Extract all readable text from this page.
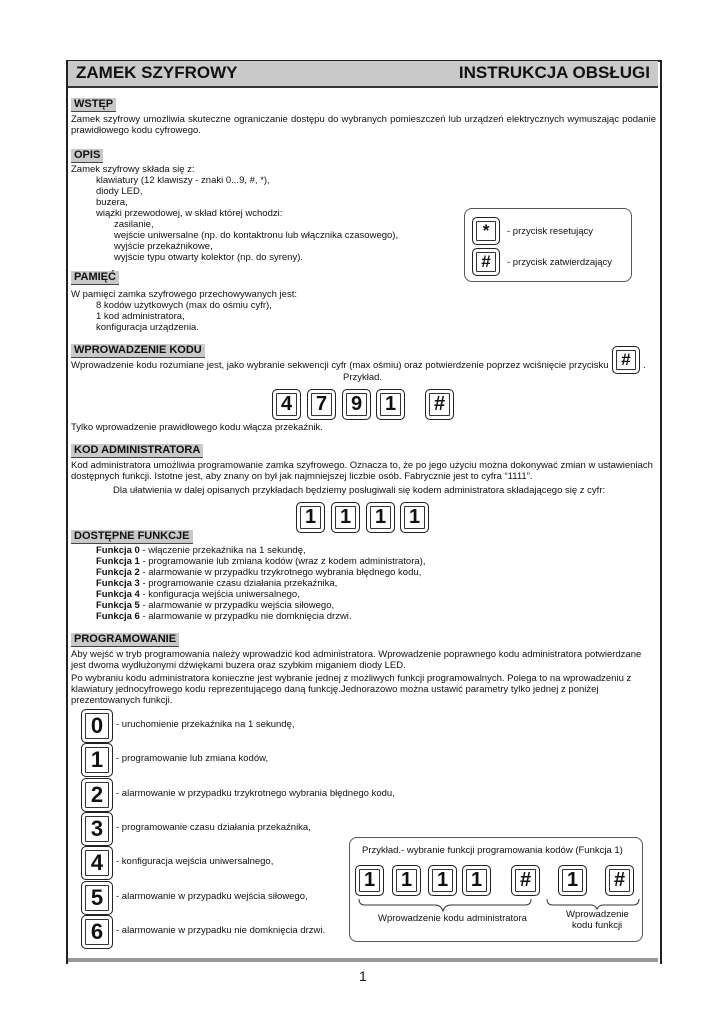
ZAMEK SZYFROWY	INSTRUKCJA OBSŁUGI
WSTĘP
Zamek szyfrowy umożliwia skuteczne ograniczanie dostępu do wybranych pomieszczeń lub urządzeń elektrycznych wymuszając podanie prawidłowego kodu cyfrowego.
OPIS
Zamek szyfrowy składa się z:
klawiatury (12 klawiszy - znaki 0...9, #, *),
diody LED,
buzera,
wiązki przewodowej, w skład której wchodzi:
zasilanie,
wejście uniwersalne (np. do kontaktronu lub włącznika czasowego),
wyjście przekaźnikowe,
wyjście typu otwarty kolektor (np. do syreny).
*	- przycisk resetujący
#	- przycisk zatwierdzający
PAMIĘĆ
W pamięci zamka szyfrowego przechowywanych jest:
8 kodów użytkowych (max do ośmiu cyfr),
1 kod administratora,
konfiguracja urządzenia.
WPROWADZENIE KODU
Wprowadzenie kodu rozumiane jest, jako wybranie sekwencji cyfr (max ośmiu) oraz potwierdzenie poprzez wciśnięcie przycisku #	.
Przykład.
4	7	9	1	#
Tylko wprowadzenie prawidłowego kodu włącza przekaźnik.
KOD ADMINISTRATORA
Kod administratora umożliwia programowanie zamka szyfrowego. Oznacza to, że po jego użyciu można dokonywać zmian w ustawieniach
dostępnych funkcji. Istotne jest, aby znany on był jak najmniejszej liczbie osób. Fabrycznie jest to cyfra “1111”.
Dla ułatwienia w dalej opisanych przykładach będziemy posługiwali się kodem administratora składającego się z cyfr:
1	1	1	1
DOSTĘPNE FUNKCJE
Funkcja 0 - włączenie przekaźnika na 1 sekundę,
Funkcja 1 - programowanie lub zmiana kodów (wraz z kodem administratora),
Funkcja 2 - alarmowanie w przypadku trzykrotnego wybrania błędnego kodu,
Funkcja 3 - programowanie czasu działania przekaźnika,
Funkcja 4 - konfiguracja wejścia uniwersalnego,
Funkcja 5 - alarmowanie w przypadku wejścia siłowego,
Funkcja 6 - alarmowanie w przypadku nie domknięcia drzwi.
PROGRAMOWANIE
Aby wejść w tryb programowania należy wprowadzić kod administratora. Wprowadzenie poprawnego kodu administratora potwierdzane
jest dwoma wydłużonymi dźwiękami buzera oraz szybkim miganiem diody LED.
Po wybraniu kodu administratora konieczne jest wybranie jednej z możliwych funkcji programowalnych. Polega to na wprowadzeniu z
klawiatury jednocyfrowego kodu reprezentującego daną funkcję.Jednorazowo można ustawić parametry tylko jednej z poniżej
prezentowanych funkcji.
0	- uruchomienie przekaźnika na 1 sekundę,
1	- programowanie lub zmiana kodów,
2	- alarmowanie w przypadku trzykrotnego wybrania błędnego kodu,
3	- programowanie czasu działania przekaźnika,
4	- konfiguracja wejścia uniwersalnego,
5	- alarmowanie w przypadku wejścia siłowego,
6	- alarmowanie w przypadku nie domknięcia drzwi.
Przykład.- wybranie funkcji programowania kodów (Funkcja 1)
1	1	1	1	#	1	#
Wprowadzenie kodu administratora	Wprowadzenie
kodu funkcji
1
